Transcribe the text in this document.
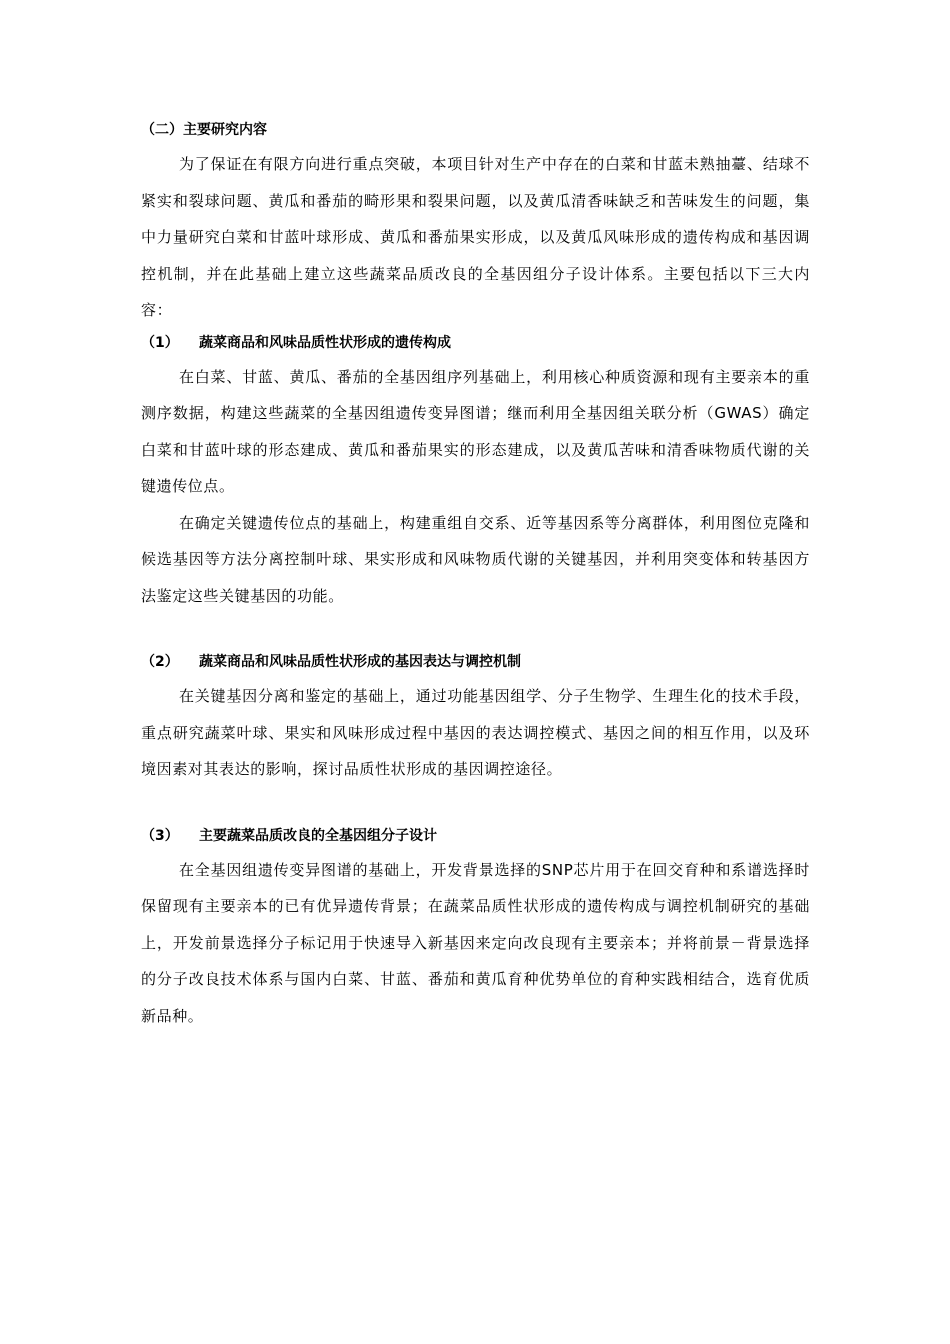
（二）主要研究内容

为了保证在有限方向进行重点突破，本项目针对生产中存在的白菜和甘蓝未熟抽薹、结球不紧实和裂球问题、黄瓜和番茄的畸形果和裂果问题，以及黄瓜清香味缺乏和苦味发生的问题，集中力量研究白菜和甘蓝叶球形成、黄瓜和番茄果实形成，以及黄瓜风味形成的遗传构成和基因调控机制，并在此基础上建立这些蔬菜品质改良的全基因组分子设计体系。主要包括以下三大内容：

（1） 蔬菜商品和风味品质性状形成的遗传构成

在白菜、甘蓝、黄瓜、番茄的全基因组序列基础上，利用核心种质资源和现有主要亲本的重测序数据，构建这些蔬菜的全基因组遗传变异图谱；继而利用全基因组关联分析（GWAS）确定白菜和甘蓝叶球的形态建成、黄瓜和番茄果实的形态建成，以及黄瓜苦味和清香味物质代谢的关键遗传位点。

在确定关键遗传位点的基础上，构建重组自交系、近等基因系等分离群体，利用图位克隆和候选基因等方法分离控制叶球、果实形成和风味物质代谢的关键基因，并利用突变体和转基因方法鉴定这些关键基因的功能。

（2） 蔬菜商品和风味品质性状形成的基因表达与调控机制

在关键基因分离和鉴定的基础上，通过功能基因组学、分子生物学、生理生化的技术手段，重点研究蔬菜叶球、果实和风味形成过程中基因的表达调控模式、基因之间的相互作用，以及环境因素对其表达的影响，探讨品质性状形成的基因调控途径。

（3） 主要蔬菜品质改良的全基因组分子设计

在全基因组遗传变异图谱的基础上，开发背景选择的SNP芯片用于在回交育种和系谱选择时保留现有主要亲本的已有优异遗传背景；在蔬菜品质性状形成的遗传构成与调控机制研究的基础上，开发前景选择分子标记用于快速导入新基因来定向改良现有主要亲本；并将前景－背景选择的分子改良技术体系与国内白菜、甘蓝、番茄和黄瓜育种优势单位的育种实践相结合，选育优质新品种。
